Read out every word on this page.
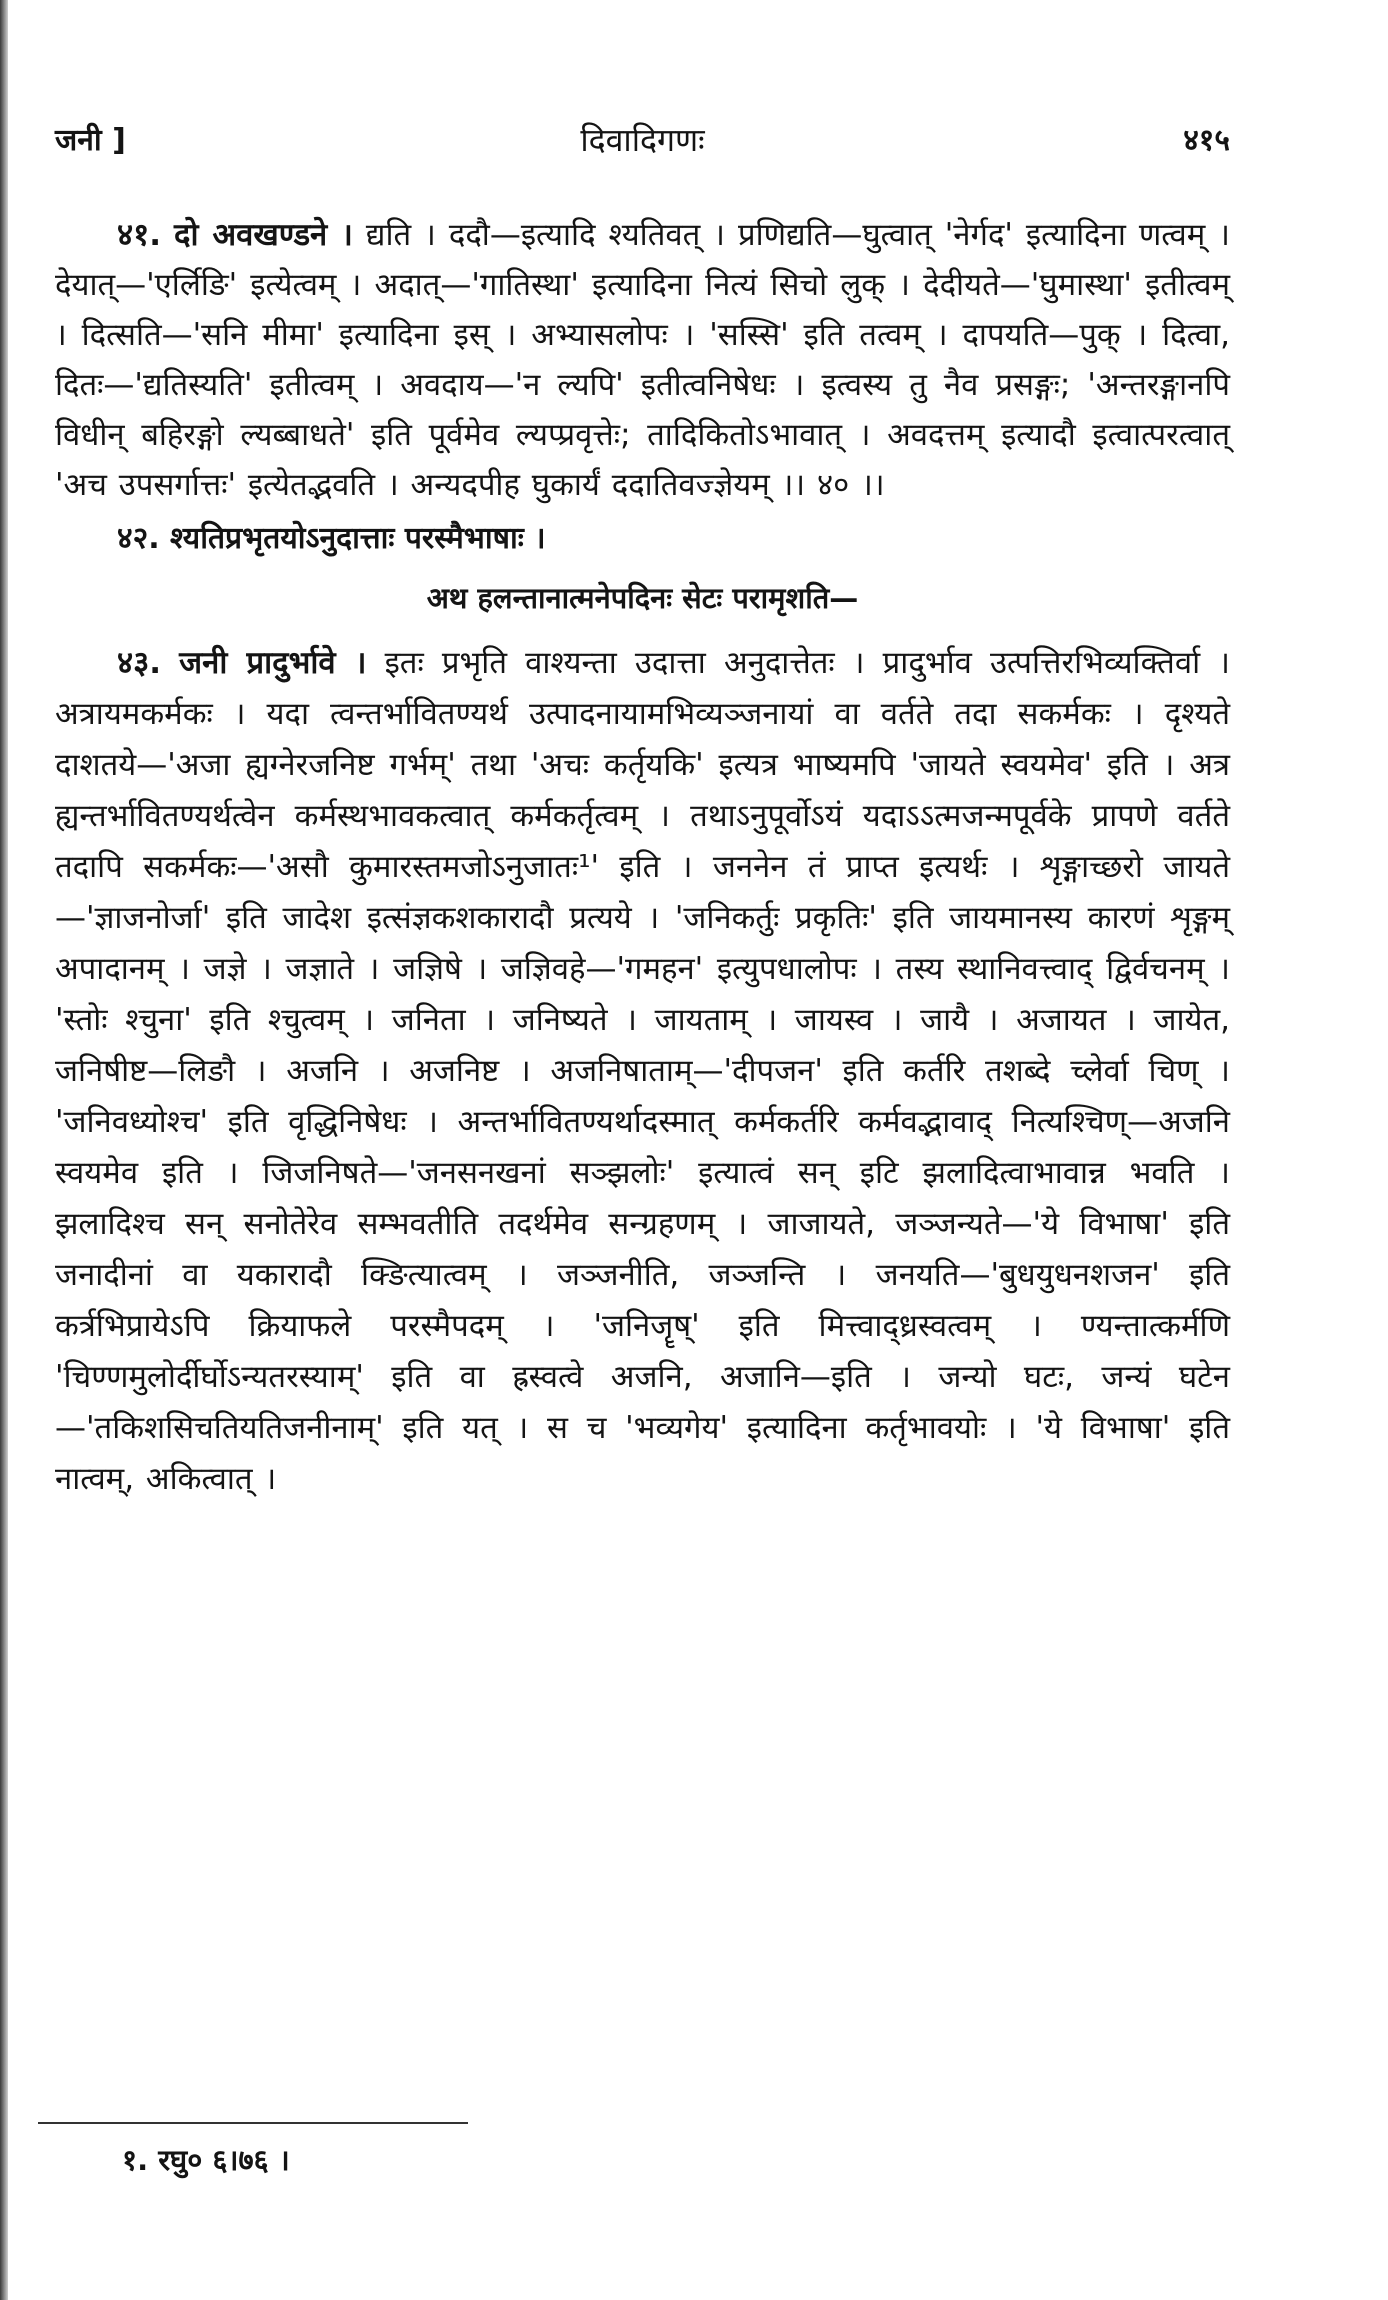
जनी ]	दिवादिगणः	४१५

४१. दो अवखण्डने । द्यति । ददौ—इत्यादि श्यतिवत् । प्रणिद्यति—घुत्वात् 'नेर्गद' इत्यादिना णत्वम् । देयात्—'एर्लिङि' इत्येत्वम् । अदात्—'गातिस्था' इत्यादिना नित्यं सिचो लुक् । देदीयते—'घुमास्था' इतीत्वम् । दित्सति—'सनि मीमा' इत्यादिना इस् । अभ्यासलोपः । 'सस्सि' इति तत्वम् । दापयति—पुक् । दित्वा, दितः—'द्यतिस्यति' इतीत्वम् । अवदाय—'न ल्यपि' इतीत्वनिषेधः । इत्वस्य तु नैव प्रसङ्गः; 'अन्तरङ्गानपि विधीन् बहिरङ्गो ल्यब्बाधते' इति पूर्वमेव ल्यप्प्रवृत्तेः; तादिकितोऽभावात् । अवदत्तम् इत्यादौ इत्वात्परत्वात् 'अच उपसर्गात्तः' इत्येतद्भवति । अन्यदपीह घुकार्यं ददातिवज्ज्ञेयम् ।। ४० ।।

४२. श्यतिप्रभृतयोऽनुदात्ताः परस्मैभाषाः ।

अथ हलन्तानात्मनेपदिनः सेटः परामृशति—

४३. जनी प्रादुर्भावे । इतः प्रभृति वाश्यन्ता उदात्ता अनुदात्तेतः । प्रादुर्भाव उत्पत्तिरभिव्यक्तिर्वा । अत्रायमकर्मकः । यदा त्वन्तर्भावितण्यर्थ उत्पादनायामभिव्यञ्जनायां वा वर्तते तदा सकर्मकः । दृश्यते दाशतये—'अजा ह्यग्नेरजनिष्ट गर्भम्' तथा 'अचः कर्तृयकि' इत्यत्र भाष्यमपि 'जायते स्वयमेव' इति । अत्र ह्यन्तर्भावितण्यर्थत्वेन कर्मस्थभावकत्वात् कर्मकर्तृत्वम् । तथाऽनुपूर्वोऽयं यदाऽऽत्मजन्मपूर्वके प्रापणे वर्तते तदापि सकर्मकः—'असौ कुमारस्तमजोऽनुजातः¹' इति । जननेन तं प्राप्त इत्यर्थः । शृङ्गाच्छरो जायते—'ज्ञाजनोर्जा' इति जादेश इत्संज्ञकशकारादौ प्रत्यये । 'जनिकर्तुः प्रकृतिः' इति जायमानस्य कारणं शृङ्गम् अपादानम् । जज्ञे । जज्ञाते । जज्ञिषे । जज्ञिवहे—'गमहन' इत्युपधालोपः । तस्य स्थानिवत्त्वाद् द्विर्वचनम् । 'स्तोः श्चुना' इति श्चुत्वम् । जनिता । जनिष्यते । जायताम् । जायस्व । जायै । अजायत । जायेत, जनिषीष्ट—लिङौ । अजनि । अजनिष्ट । अजनिषाताम्—'दीपजन' इति कर्तरि तशब्दे च्लेर्वा चिण् । 'जनिवध्योश्च' इति वृद्धिनिषेधः । अन्तर्भावितण्यर्थादस्मात् कर्मकर्तरि कर्मवद्भावाद् नित्यश्चिण्—अजनि स्वयमेव इति । जिजनिषते—'जनसनखनां सञ्झलोः' इत्यात्वं सन् इटि झलादित्वाभावान्न भवति । झलादिश्च सन् सनोतेरेव सम्भवतीति तदर्थमेव सन्ग्रहणम् । जाजायते, जञ्जन्यते—'ये विभाषा' इति जनादीनां वा यकारादौ क्ङित्यात्वम् । जञ्जनीति, जञ्जन्ति । जनयति—'बुधयुधनशजन' इति कर्त्रभिप्रायेऽपि क्रियाफले परस्मैपदम् । 'जनिजॄष्' इति मित्त्वाद्ध्रस्वत्वम् । ण्यन्तात्कर्मणि 'चिण्णमुलोर्दीर्घोऽन्यतरस्याम्' इति वा ह्रस्वत्वे अजनि, अजानि—इति । जन्यो घटः, जन्यं घटेन—'तकिशसिचतियतिजनीनाम्' इति यत् । स च 'भव्यगेय' इत्यादिना कर्तृभावयोः । 'ये विभाषा' इति नात्वम्, अकित्वात् ।

१. रघु० ६।७६ ।
